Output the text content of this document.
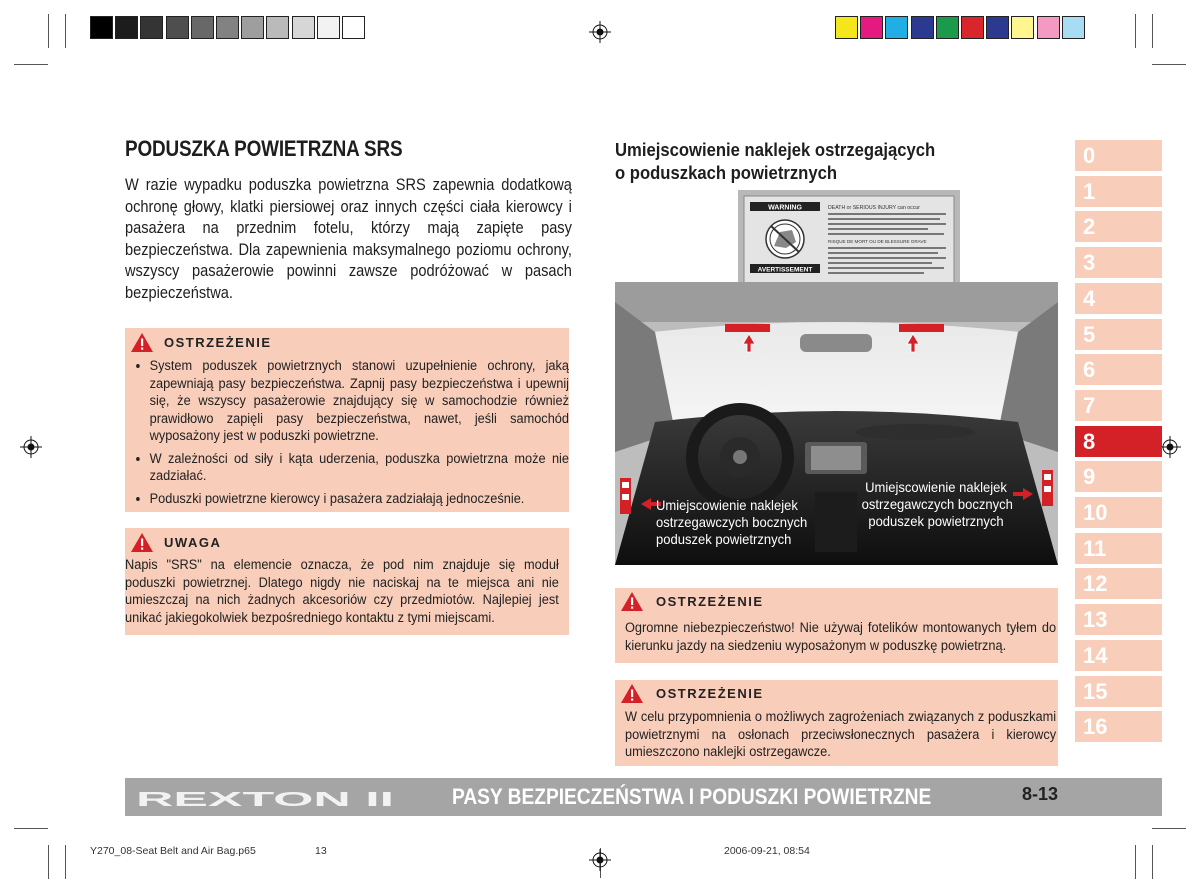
PODUSZKA POWIETRZNA SRS
W razie wypadku poduszka powietrzna SRS zapewnia dodatkową ochronę głowy, klatki piersiowej oraz innych części ciała kierowcy i pasażera na przednim fotelu, którzy mają zapięte pasy bezpieczeństwa. Dla zapewnienia maksymalnego poziomu ochrony, wszyscy pasażerowie powinni zawsze podróżować w pasach bezpieczeństwa.
OSTRZEŻENIE
• System poduszek powietrznych stanowi uzupełnienie ochrony, jaką zapewniają pasy bezpieczeństwa. Zapnij pasy bezpieczeństwa i upewnij się, że wszyscy pasażerowie znajdujący się w samochodzie również prawidłowo zapięli pasy bezpieczeństwa, nawet, jeśli samochód wyposażony jest w poduszki powietrzne.
• W zależności od siły i kąta uderzenia, poduszka powietrzna może nie zadziałać.
• Poduszki powietrzne kierowcy i pasażera zadziałają jednocześnie.
UWAGA
Napis "SRS" na elemencie oznacza, że pod nim znajduje się moduł poduszki powietrznej. Dlatego nigdy nie naciskaj na te miejsca ani nie umieszczaj na nich żadnych akcesoriów czy przedmiotów. Najlepiej jest unikać jakiegokolwiek bezpośredniego kontaktu z tymi miejscami.
Umiejscowienie naklejek ostrzegających
o poduszkach powietrznych
WARNING
AVERTISSEMENT
DEATH or SERIOUS INJURY can occur
RISQUE DE MORT OU DE BLESSURE GRAVE
Umiejscowienie naklejek
ostrzegawczych bocznych
poduszek powietrznych
Umiejscowienie naklejek
ostrzegawczych bocznych
poduszek powietrznych
OSTRZEŻENIE
Ogromne niebezpieczeństwo! Nie używaj fotelików montowanych tyłem do kierunku jazdy na siedzeniu wyposażonym w poduszkę powietrzną.
OSTRZEŻENIE
W celu przypomnienia o możliwych zagrożeniach związanych z poduszkami powietrznymi na osłonach przeciwsłonecznych pasażera i kierowcy umieszczono naklejki ostrzegawcze.
0
1
2
3
4
5
6
7
8
9
10
11
12
13
14
15
16
REXTON II	PASY BEZPIECZEŃSTWA I PODUSZKI POWIETRZNE	8-13
Y270_08-Seat Belt and Air Bag.p65	13	2006-09-21, 08:54
